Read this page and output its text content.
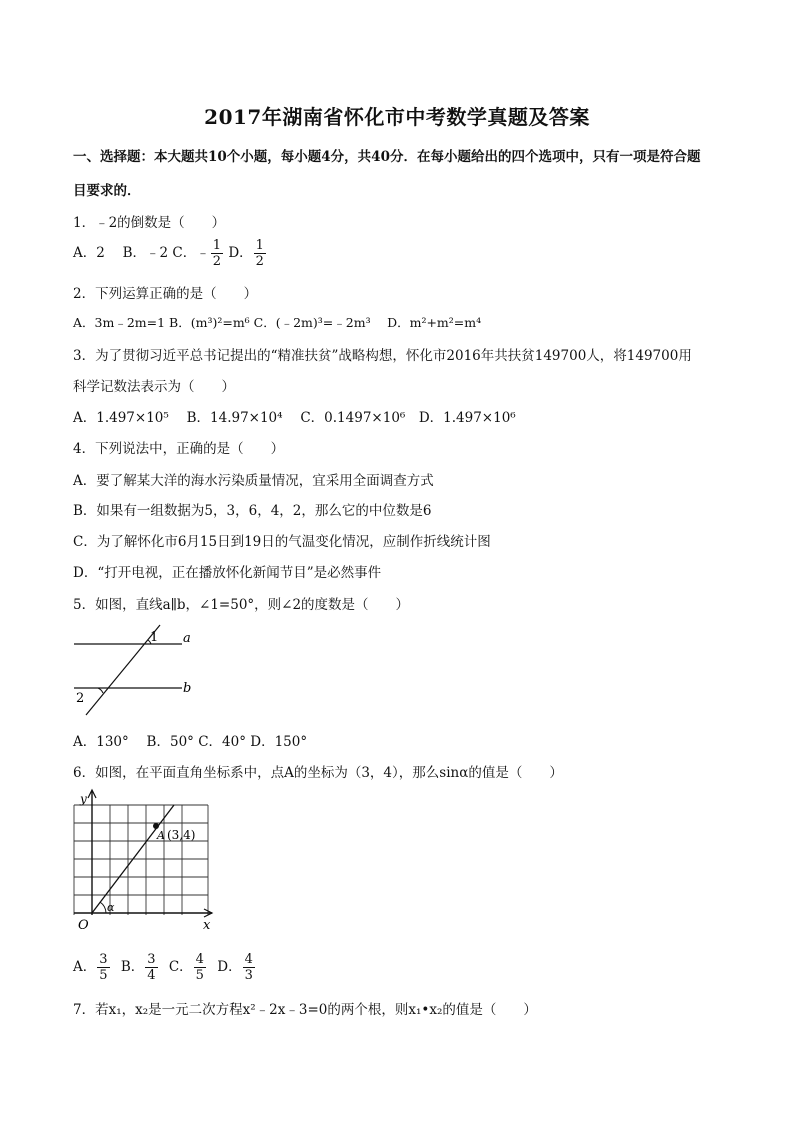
2017年湖南省怀化市中考数学真题及答案
一、选择题：本大题共10个小题，每小题4分，共40分．在每小题给出的四个选项中，只有一项是符合题
目要求的．
1．﹣2的倒数是（　　）
A．2　 B．﹣2 C．﹣ $\frac{1}{2}$ D． $\frac{1}{2}$
2．下列运算正确的是（　　）
A．3m﹣2m=1 B．(m³)²=m⁶ C．(﹣2m)³=﹣2m³　 D．m²+m²=m⁴
3．为了贯彻习近平总书记提出的“精准扶贫”战略构想，怀化市2016年共扶贫149700人，将149700用
科学记数法表示为（　　）
A．1.497×10⁵　 B．14.97×10⁴　 C．0.1497×10⁶　D．1.497×10⁶
4．下列说法中，正确的是（　　）
A．要了解某大洋的海水污染质量情况，宜采用全面调查方式
B．如果有一组数据为5，3，6，4，2，那么它的中位数是6
C．为了解怀化市6月15日到19日的气温变化情况，应制作折线统计图
D．“打开电视，正在播放怀化新闻节目”是必然事件
5．如图，直线a∥b，∠1=50°，则∠2的度数是（　　）
1
2
a
b
A．130°　 B．50° C．40° D．150°
6．如图，在平面直角坐标系中，点A的坐标为（3，4），那么sinα的值是（　　）
y
x
O
α
A (3,4)
A． $\frac{3}{5}$ B． $\frac{3}{4}$ C． $\frac{4}{5}$ D． $\frac{4}{3}$
7．若x₁，x₂是一元二次方程x²﹣2x﹣3=0的两个根，则x₁•x₂的值是（　　）
